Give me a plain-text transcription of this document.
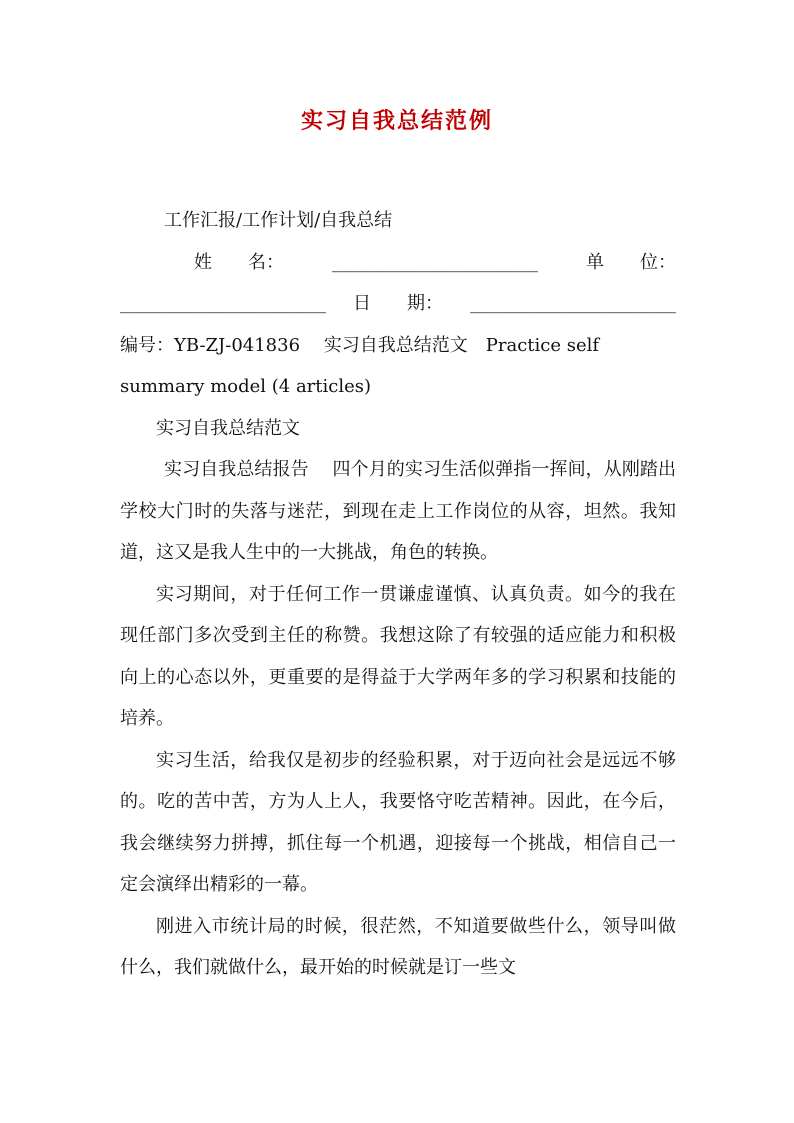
实习自我总结范例
工作汇报/工作计划/自我总结
姓　　名：	___________________	单　　位：
___________________ 日　　期： ___________________
编号：YB-ZJ-041836　 实习自我总结范文　Practice self
summary model (4 articles)
实习自我总结范文

实习自我总结报告　 四个月的实习生活似弹指一挥间，从刚踏出学校大门时的失落与迷茫，到现在走上工作岗位的从容，坦然。我知道，这又是我人生中的一大挑战，角色的转换。

实习期间，对于任何工作一贯谦虚谨慎、认真负责。如今的我在现任部门多次受到主任的称赞。我想这除了有较强的适应能力和积极向上的心态以外，更重要的是得益于大学两年多的学习积累和技能的培养。

实习生活，给我仅是初步的经验积累，对于迈向社会是远远不够的。吃的苦中苦，方为人上人，我要恪守吃苦精神。因此，在今后，我会继续努力拼搏，抓住每一个机遇，迎接每一个挑战，相信自己一定会演绎出精彩的一幕。

刚进入市统计局的时候，很茫然，不知道要做些什么，领导叫做什么，我们就做什么，最开始的时候就是订一些文
